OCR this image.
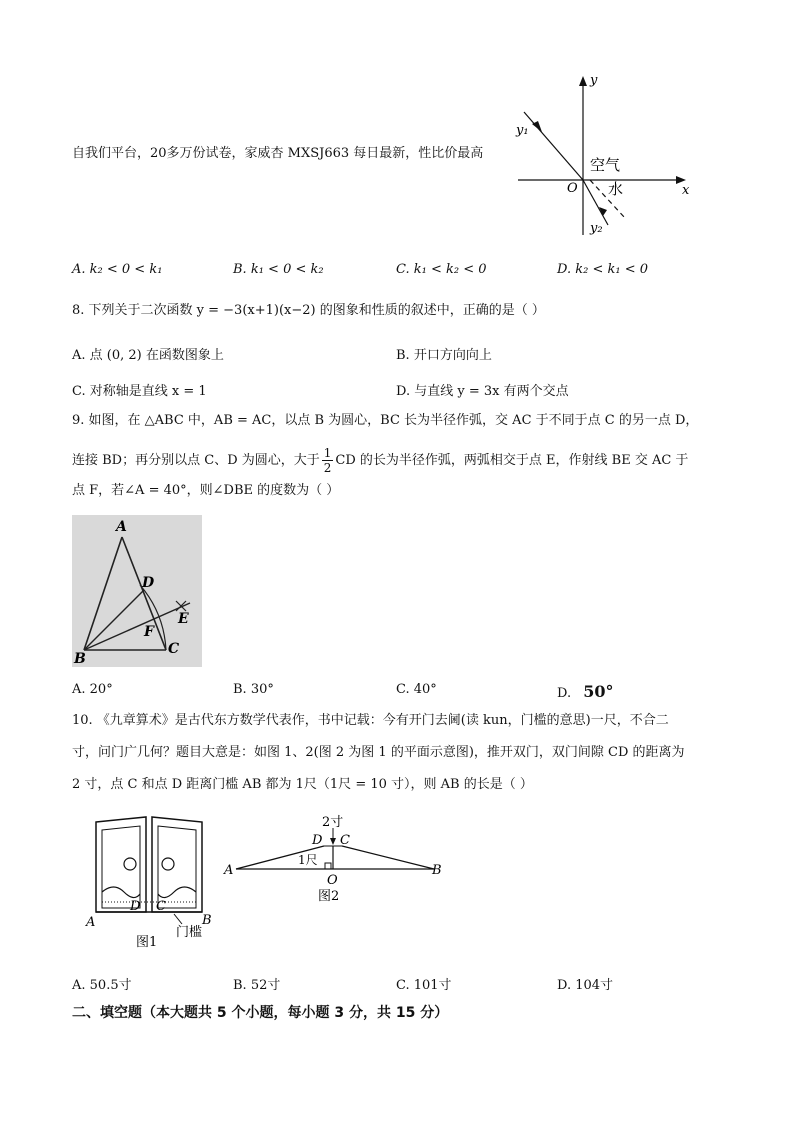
自我们平台，20多万份试卷，家威杏 MXSJ663 每日最新，性比价最高
y
x
O
y₁
y₂
空气
水
A. k₂ < 0 < k₁	B. k₁ < 0 < k₂	C. k₁ < k₂ < 0	D. k₂ < k₁ < 0
8. 下列关于二次函数 y = −3(x+1)(x−2) 的图象和性质的叙述中，正确的是（ ）
A. 点 (0, 2) 在函数图象上	B. 开口方向向上
C. 对称轴是直线 x = 1	D. 与直线 y = 3x 有两个交点
9. 如图，在 △ABC 中，AB = AC，以点 B 为圆心，BC 长为半径作弧，交 AC 于不同于点 C 的另一点 D，
连接 BD；再分别以点 C、D 为圆心，大于 $\frac{1}{2}$ CD 的长为半径作弧，两弧相交于点 E，作射线 BE 交 AC 于
点 F，若∠A = 40°，则∠DBE 的度数为（ ）
A
B
C
D
E
F
A. 20°	B. 30°	C. 40°	D. 50°
10. 《九章算术》是古代东方数学代表作，书中记载：今有开门去阃(读 kun，门槛的意思)一尺，不合二
寸，问门广几何？题目大意是：如图 1、2(图 2 为图 1 的平面示意图)，推开双门，双门间隙 CD 的距离为
2 寸，点 C 和点 D 距离门槛 AB 都为 1尺（1尺 = 10 寸），则 AB 的长是（ ）
A	B
C
D
门槛
图1
2寸
D C
A	B
O
1尺
图2
A. 50.5寸	B. 52寸	C. 101寸	D. 104寸
二、填空题（本大题共 5 个小题，每小题 3 分，共 15 分）
